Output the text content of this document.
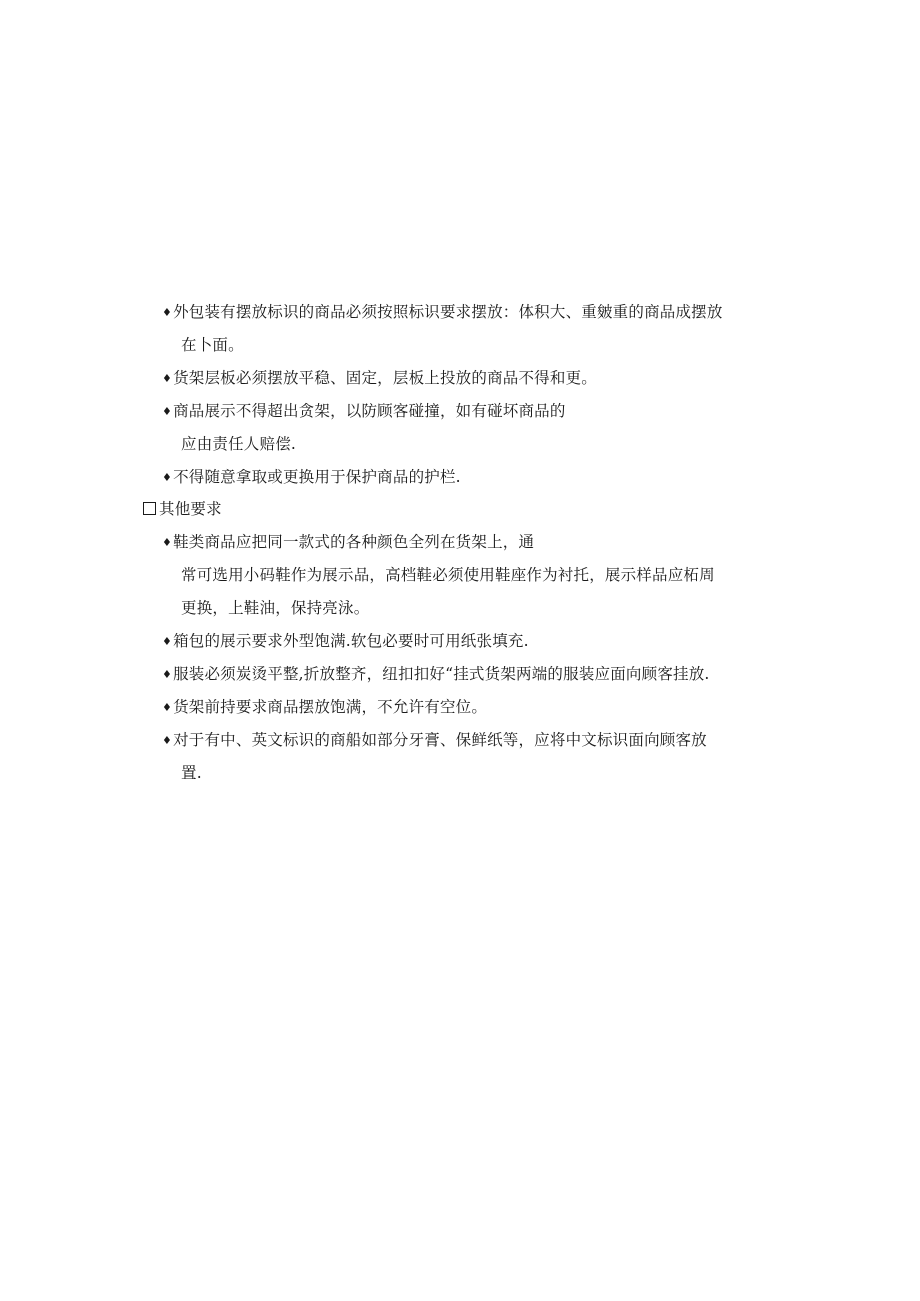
♦外包装有摆放标识的商品必须按照标识要求摆放：体积大、重皴重的商品成摆放
在卜面。
♦货架层板必须摆放平稳、固定，层板上投放的商品不得和更。
♦商品展示不得超出贪架，以防顾客碰撞，如有碰坏商品的
应由责任人赔偿.
♦不得随意拿取或更换用于保护商品的护栏.
其他要求
♦鞋类商品应把同一款式的各种颜色全列在货架上，通
常可选用小码鞋作为展示品，高档鞋必须使用鞋座作为衬托，展示样品应柘周
更换，上鞋油，保持亮泳。
♦箱包的展示要求外型饱满.软包必要时可用纸张填充.
♦服装必须炭烫平整,折放整齐，纽扣扣好“挂式货架两端的服装应面向顾客挂放.
♦货架前持要求商品摆放饱满，不允许有空位。
♦对于有中、英文标识的商船如部分牙膏、保鲜纸等，应将中文标识面向顾客放
置.
